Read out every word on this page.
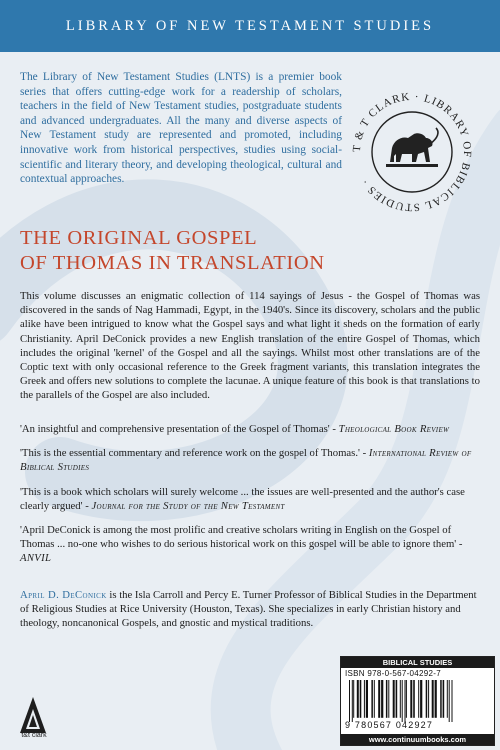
LIBRARY OF NEW TESTAMENT STUDIES

The Library of New Testament Studies (LNTS) is a premier book series that offers cutting-edge work for a readership of scholars, teachers in the field of New Testament studies, postgraduate students and advanced undergraduates. All the many and diverse aspects of New Testament study are represented and promoted, including innovative work from historical perspectives, studies using social-scientific and literary theory, and developing theological, cultural and contextual approaches.

T & T CLARK · LIBRARY OF BIBLICAL STUDIES ·
THE ORIGINAL GOSPEL
OF THOMAS IN TRANSLATION

This volume discusses an enigmatic collection of 114 sayings of Jesus - the Gospel of Thomas was discovered in the sands of Nag Hammadi, Egypt, in the 1940's. Since its discovery, scholars and the public alike have been intrigued to know what the Gospel says and what light it sheds on the formation of early Christianity. April DeConick provides a new English translation of the entire Gospel of Thomas, which includes the original 'kernel' of the Gospel and all the sayings. Whilst most other translations are of the Coptic text with only occasional reference to the Greek fragment variants, this translation integrates the Greek and offers new solutions to complete the lacunae. A unique feature of this book is that translations to the parallels of the Gospel are also included.

'An insightful and comprehensive presentation of the Gospel of Thomas' - Theological Book Review

'This is the essential commentary and reference work on the gospel of Thomas.' - International Review of Biblical Studies

'This is a book which scholars will surely welcome ... the issues are well-presented and the author's case clearly argued' - Journal for the Study of the New Testament

'April DeConick is among the most prolific and creative scholars writing in English on the Gospel of Thomas ... no-one who wishes to do serious historical work on this gospel will be able to ignore them' - ANVIL

April D. DeConick is the Isla Carroll and Percy E. Turner Professor of Biblical Studies in the Department of Religious Studies at Rice University (Houston, Texas). She specializes in early Christian history and theology, noncanonical Gospels, and gnostic and mystical traditions.

t&t clark
BIBLICAL STUDIES
ISBN 978-0-567-04292-7
9 780567 042927
www.continuumbooks.com
